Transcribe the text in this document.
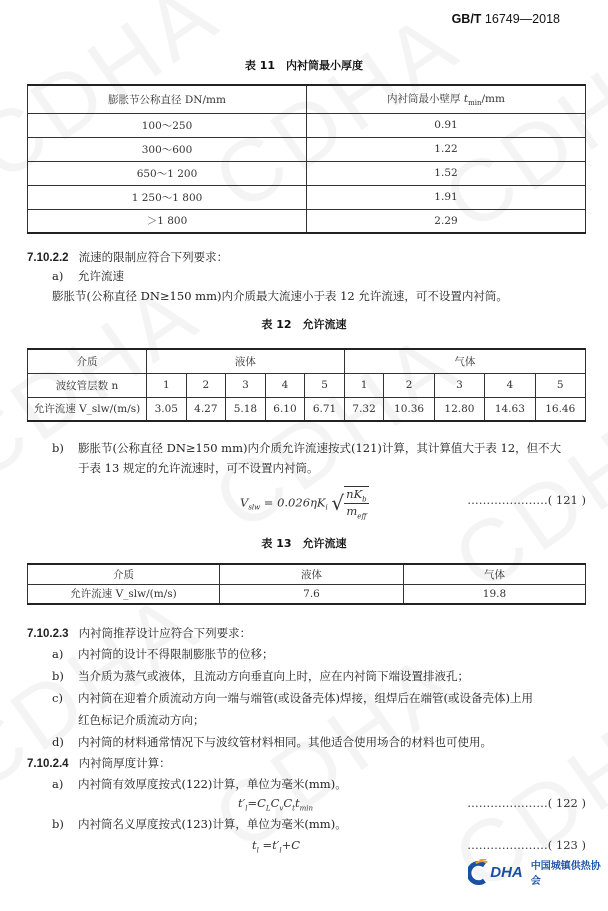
GB/T 16749—2018
表 11　内衬筒最小厚度
膨胀节公称直径 DN/mm	内衬筒最小壁厚 $t_{min}/mm$
100～250	0.91
300～600	1.22
650～1 200	1.52
1 250～1 800	1.91
＞1 800	2.29
7.10.2.2 流速的限制应符合下列要求：
a) 允许流速
膨胀节(公称直径 DN≥150 mm)内介质最大流速小于表 12 允许流速，可不设置内衬筒。
表 12　允许流速
介质	液体					气体				
波纹管层数 n	1	2	3	4	5	1	2	3	4	5
允许流速 V_slw/(m/s)	3.05	4.27	5.18	6.10	6.71	7.32	10.36	12.80	14.63	16.46
b) 膨胀节(公称直径 DN≥150 mm)内介质允许流速按式(121)计算，其计算值大于表 12，但不大
于表 13 规定的允许流速时，可不设置内衬筒。
$V_{slw} = 0.026\eta K_i$ √ $nK_b$
$m_{eff}$
…………………( 121 )
表 13　允许流速
介质	液体	气体
允许流速 V_slw/(m/s)	7.6	19.8
7.10.2.3 内衬筒推荐设计应符合下列要求：
a) 内衬筒的设计不得限制膨胀节的位移；
b) 当介质为蒸气或液体，且流动方向垂直向上时，应在内衬筒下端设置排液孔；
c) 内衬筒在迎着介质流动方向一端与端管(或设备壳体)焊接，组焊后在端管(或设备壳体)上用
红色标记介质流动方向；
d) 内衬筒的材料通常情况下与波纹管材料相同。其他适合使用场合的材料也可使用。
7.10.2.4 内衬筒厚度计算：
a) 内衬筒有效厚度按式(122)计算，单位为毫米(mm)。
$t'_l=C_LC_vC_tt_{min}$	…………………( 122 )
b) 内衬筒名义厚度按式(123)计算，单位为毫米(mm)。
$t_l =t'_l+C$	…………………( 123 )
DHA 中国城镇供热协会
